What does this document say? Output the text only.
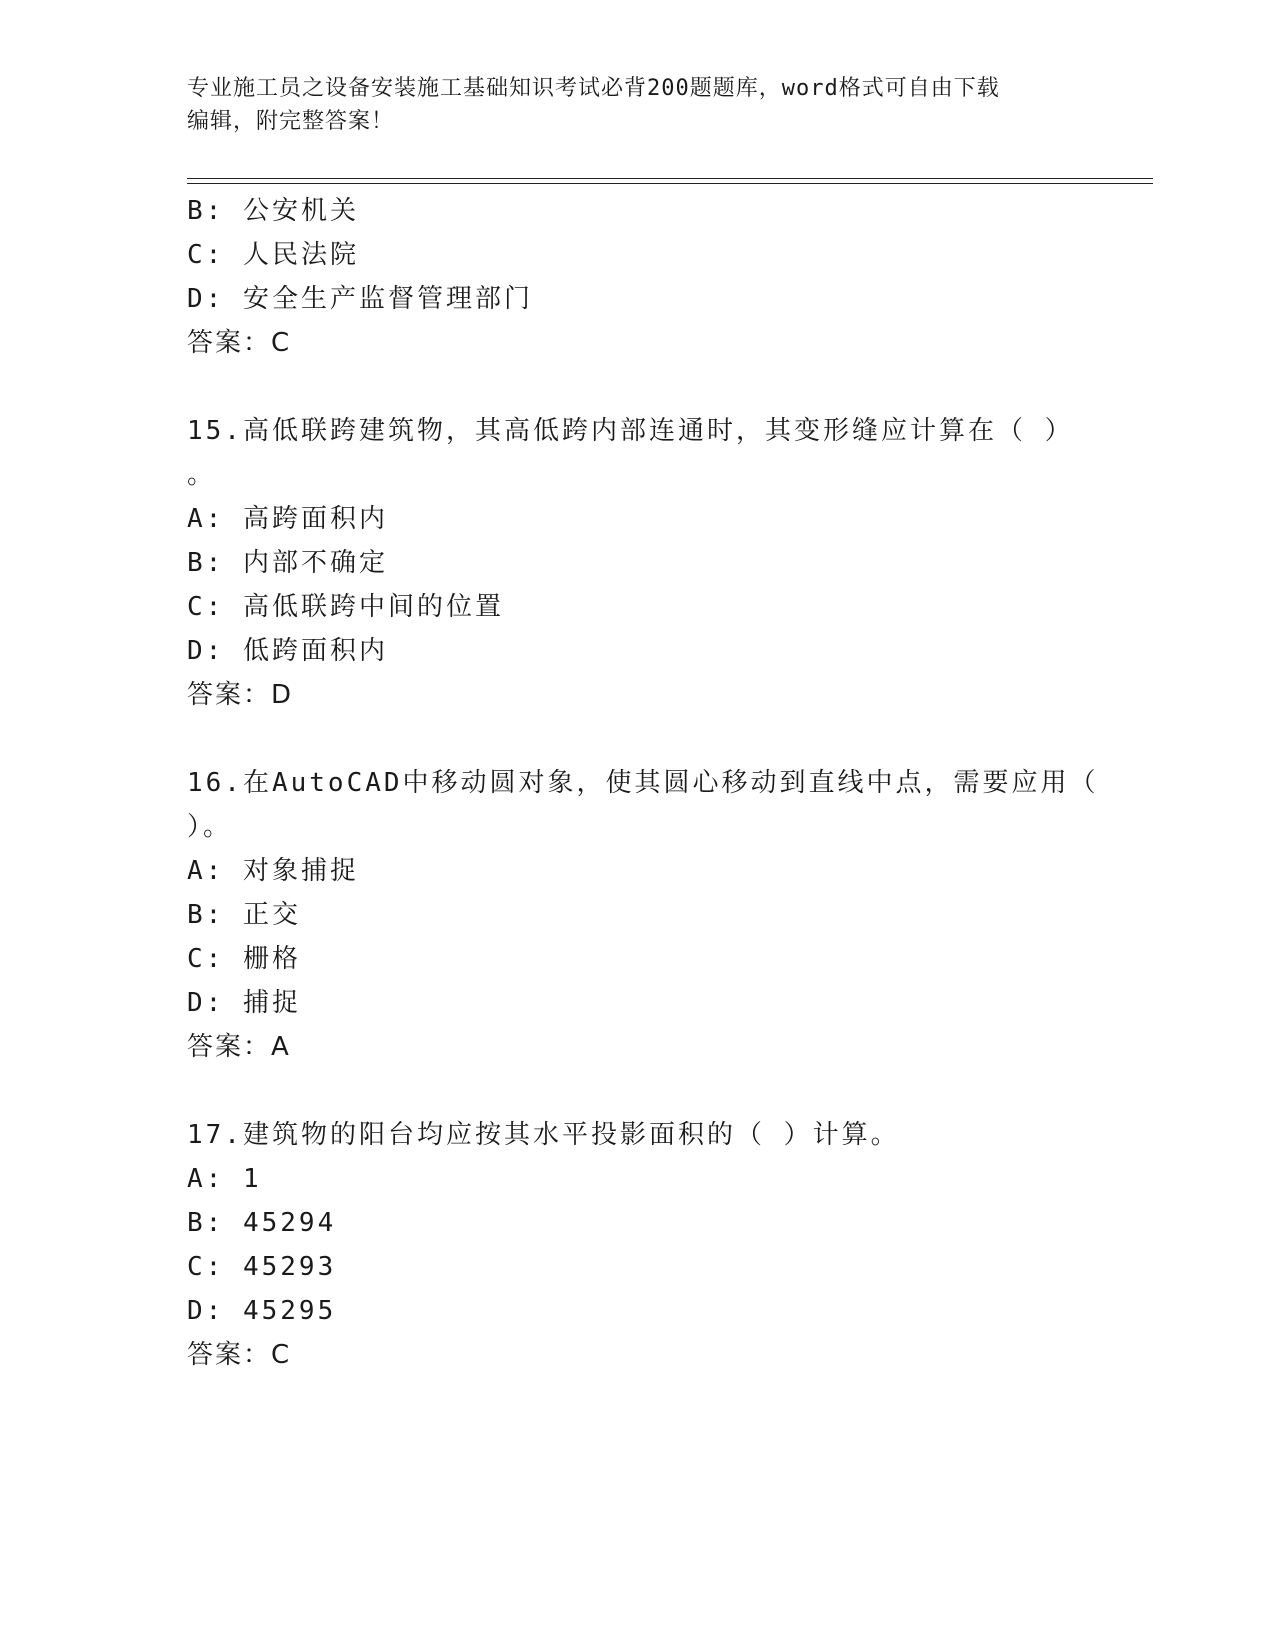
专业施工员之设备安装施工基础知识考试必背200题题库，word格式可自由下载
编辑，附完整答案！
B: 公安机关
C: 人民法院
D: 安全生产监督管理部门
答案：C
15.高低联跨建筑物，其高低跨内部连通时，其变形缝应计算在（ ）
。
A: 高跨面积内
B: 内部不确定
C: 高低联跨中间的位置
D: 低跨面积内
答案：D
16.在AutoCAD中移动圆对象，使其圆心移动到直线中点，需要应用（
）。
A: 对象捕捉
B: 正交
C: 栅格
D: 捕捉
答案：A
17.建筑物的阳台均应按其水平投影面积的（ ）计算。
A: 1
B: 45294
C: 45293
D: 45295
答案：C
